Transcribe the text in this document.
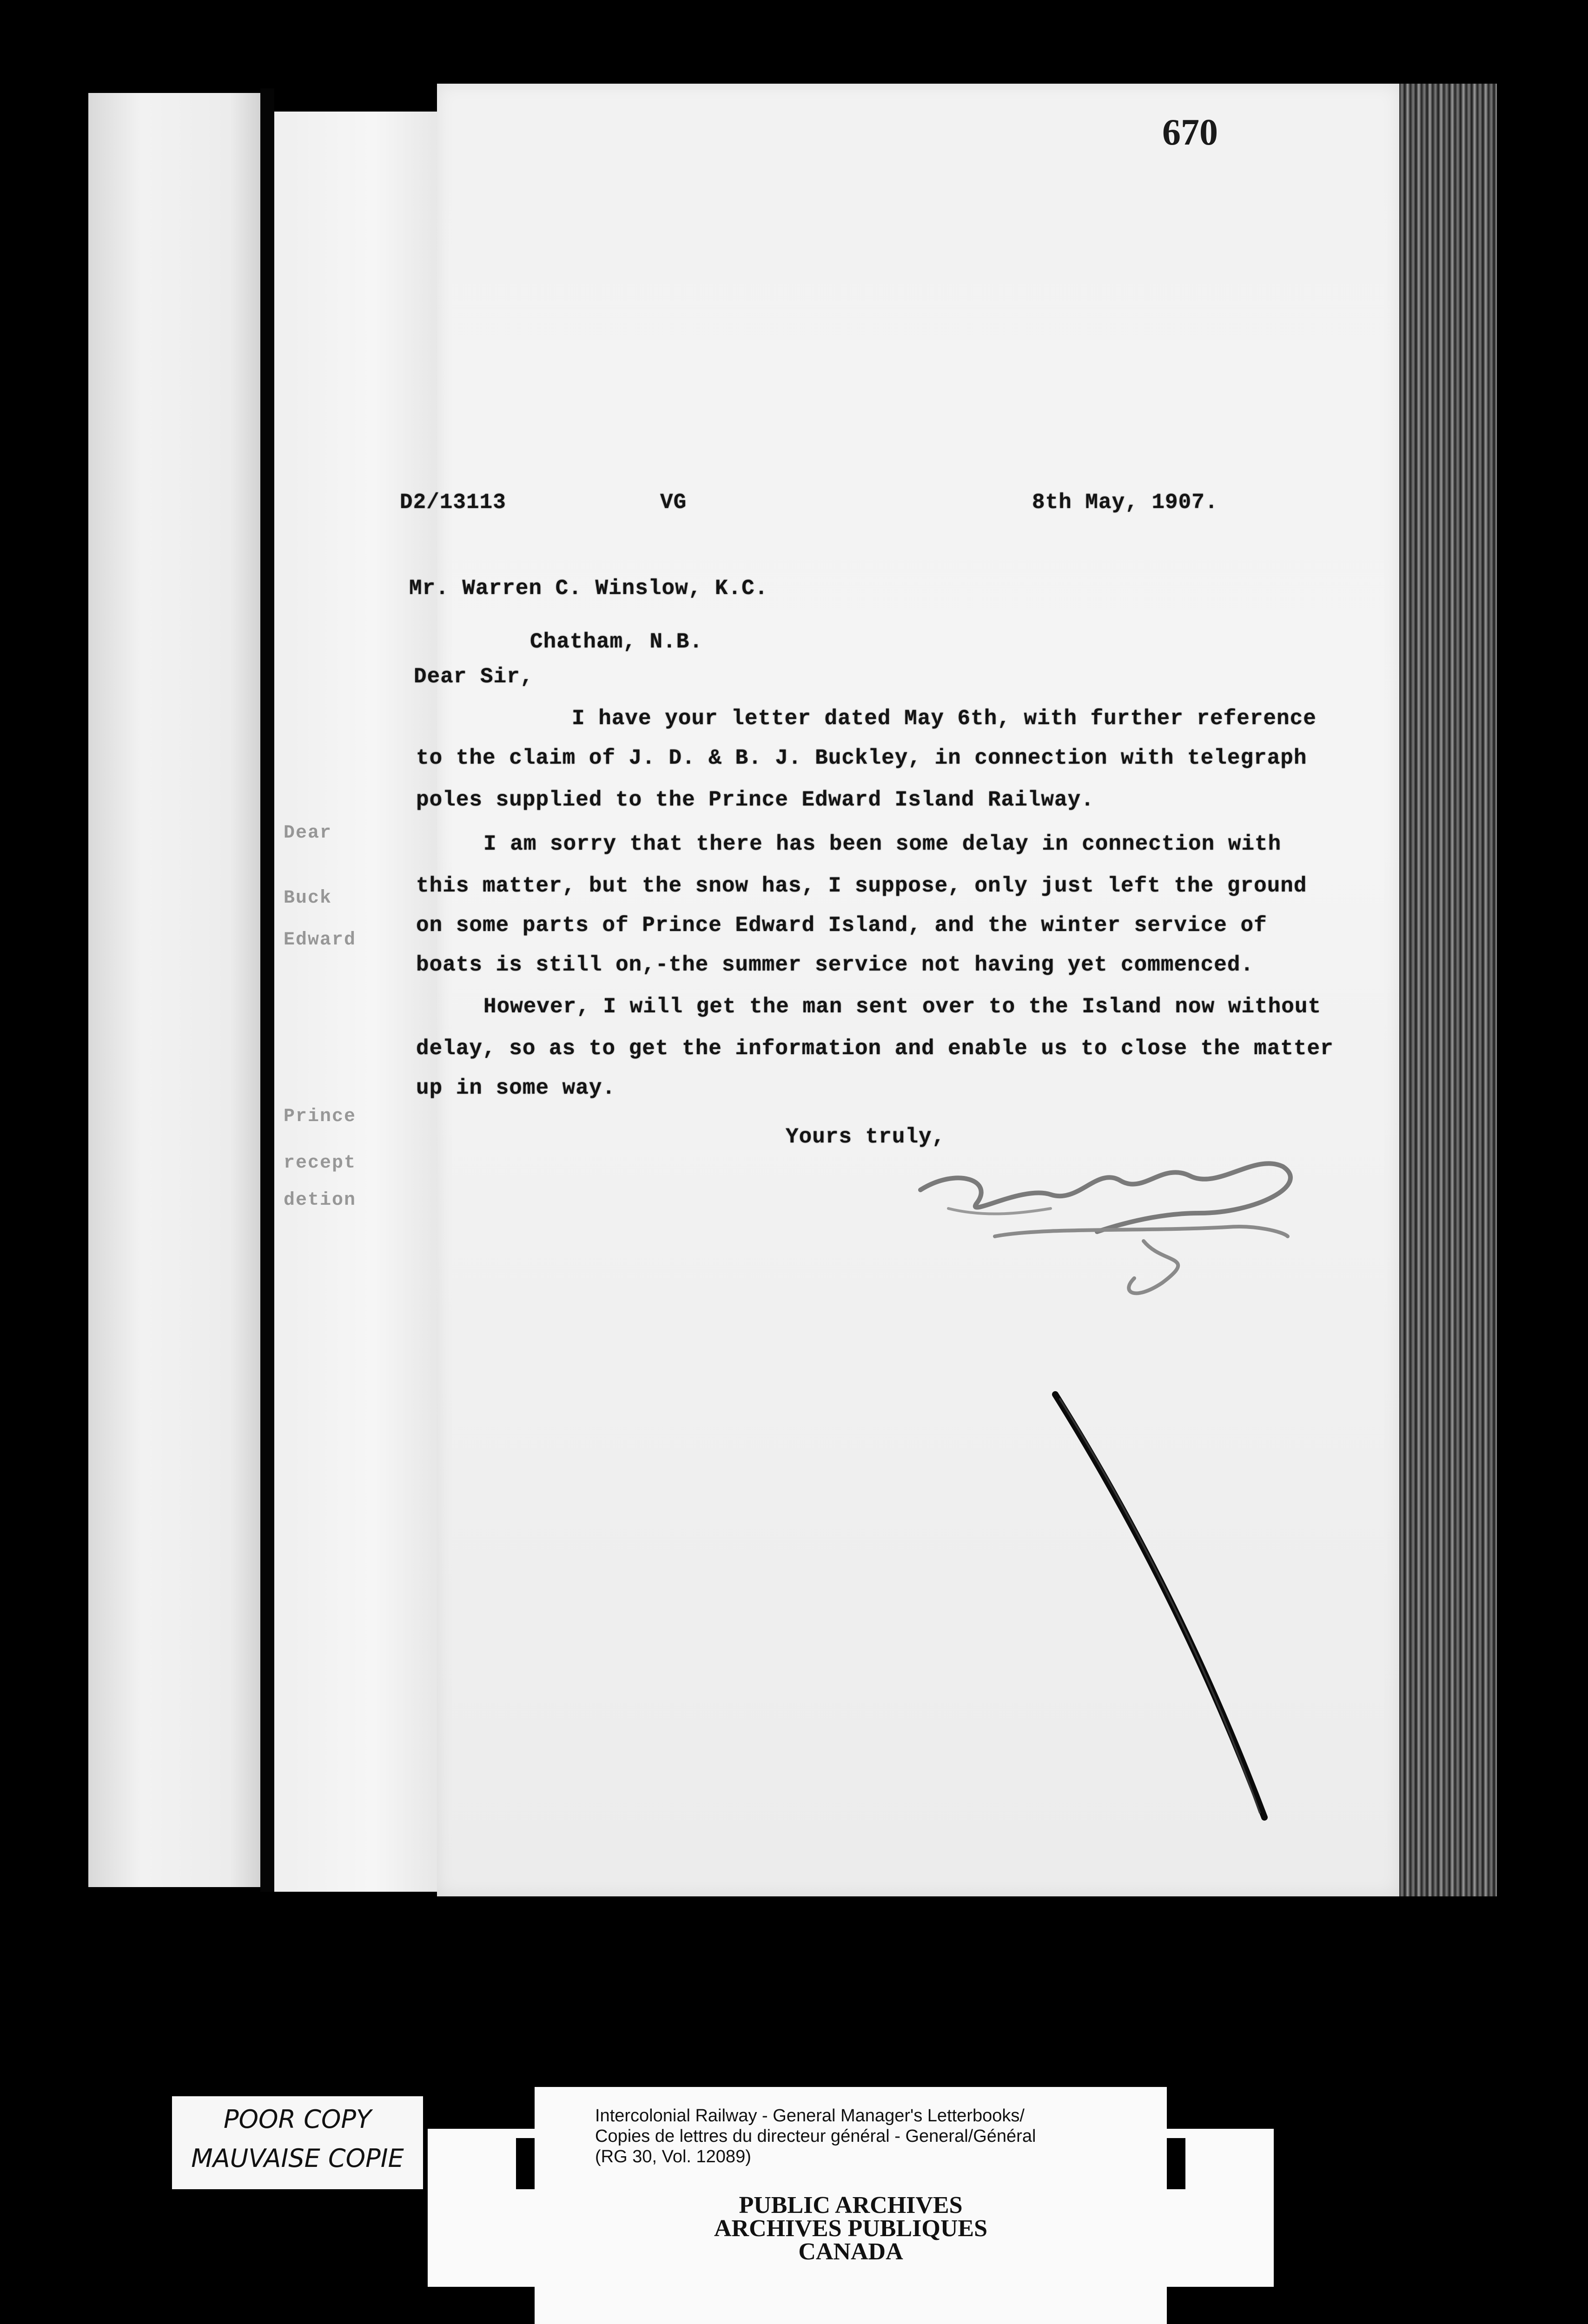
Dear
Buck
Edward
Prince
recept
detion
670
D2/13113	VG	8th May, 1907.
Mr. Warren C. Winslow, K.C.
Chatham, N.B.
Dear Sir,
I have your letter dated May 6th, with further reference
to the claim of J. D. & B. J. Buckley, in connection with telegraph
poles supplied to the Prince Edward Island Railway.
I am sorry that there has been some delay in connection with
this matter, but the snow has, I suppose, only just left the ground
on some parts of Prince Edward Island, and the winter service of
boats is still on,-the summer service not having yet commenced.
However, I will get the man sent over to the Island now without
delay, so as to get the information and enable us to close the matter
up in some way.
Yours truly,
POOR COPY
MAUVAISE COPIE
Intercolonial Railway - General Manager's Letterbooks/
Copies de lettres du directeur général - General/Général
(RG 30, Vol. 12089)
PUBLIC ARCHIVES
ARCHIVES PUBLIQUES
CANADA
